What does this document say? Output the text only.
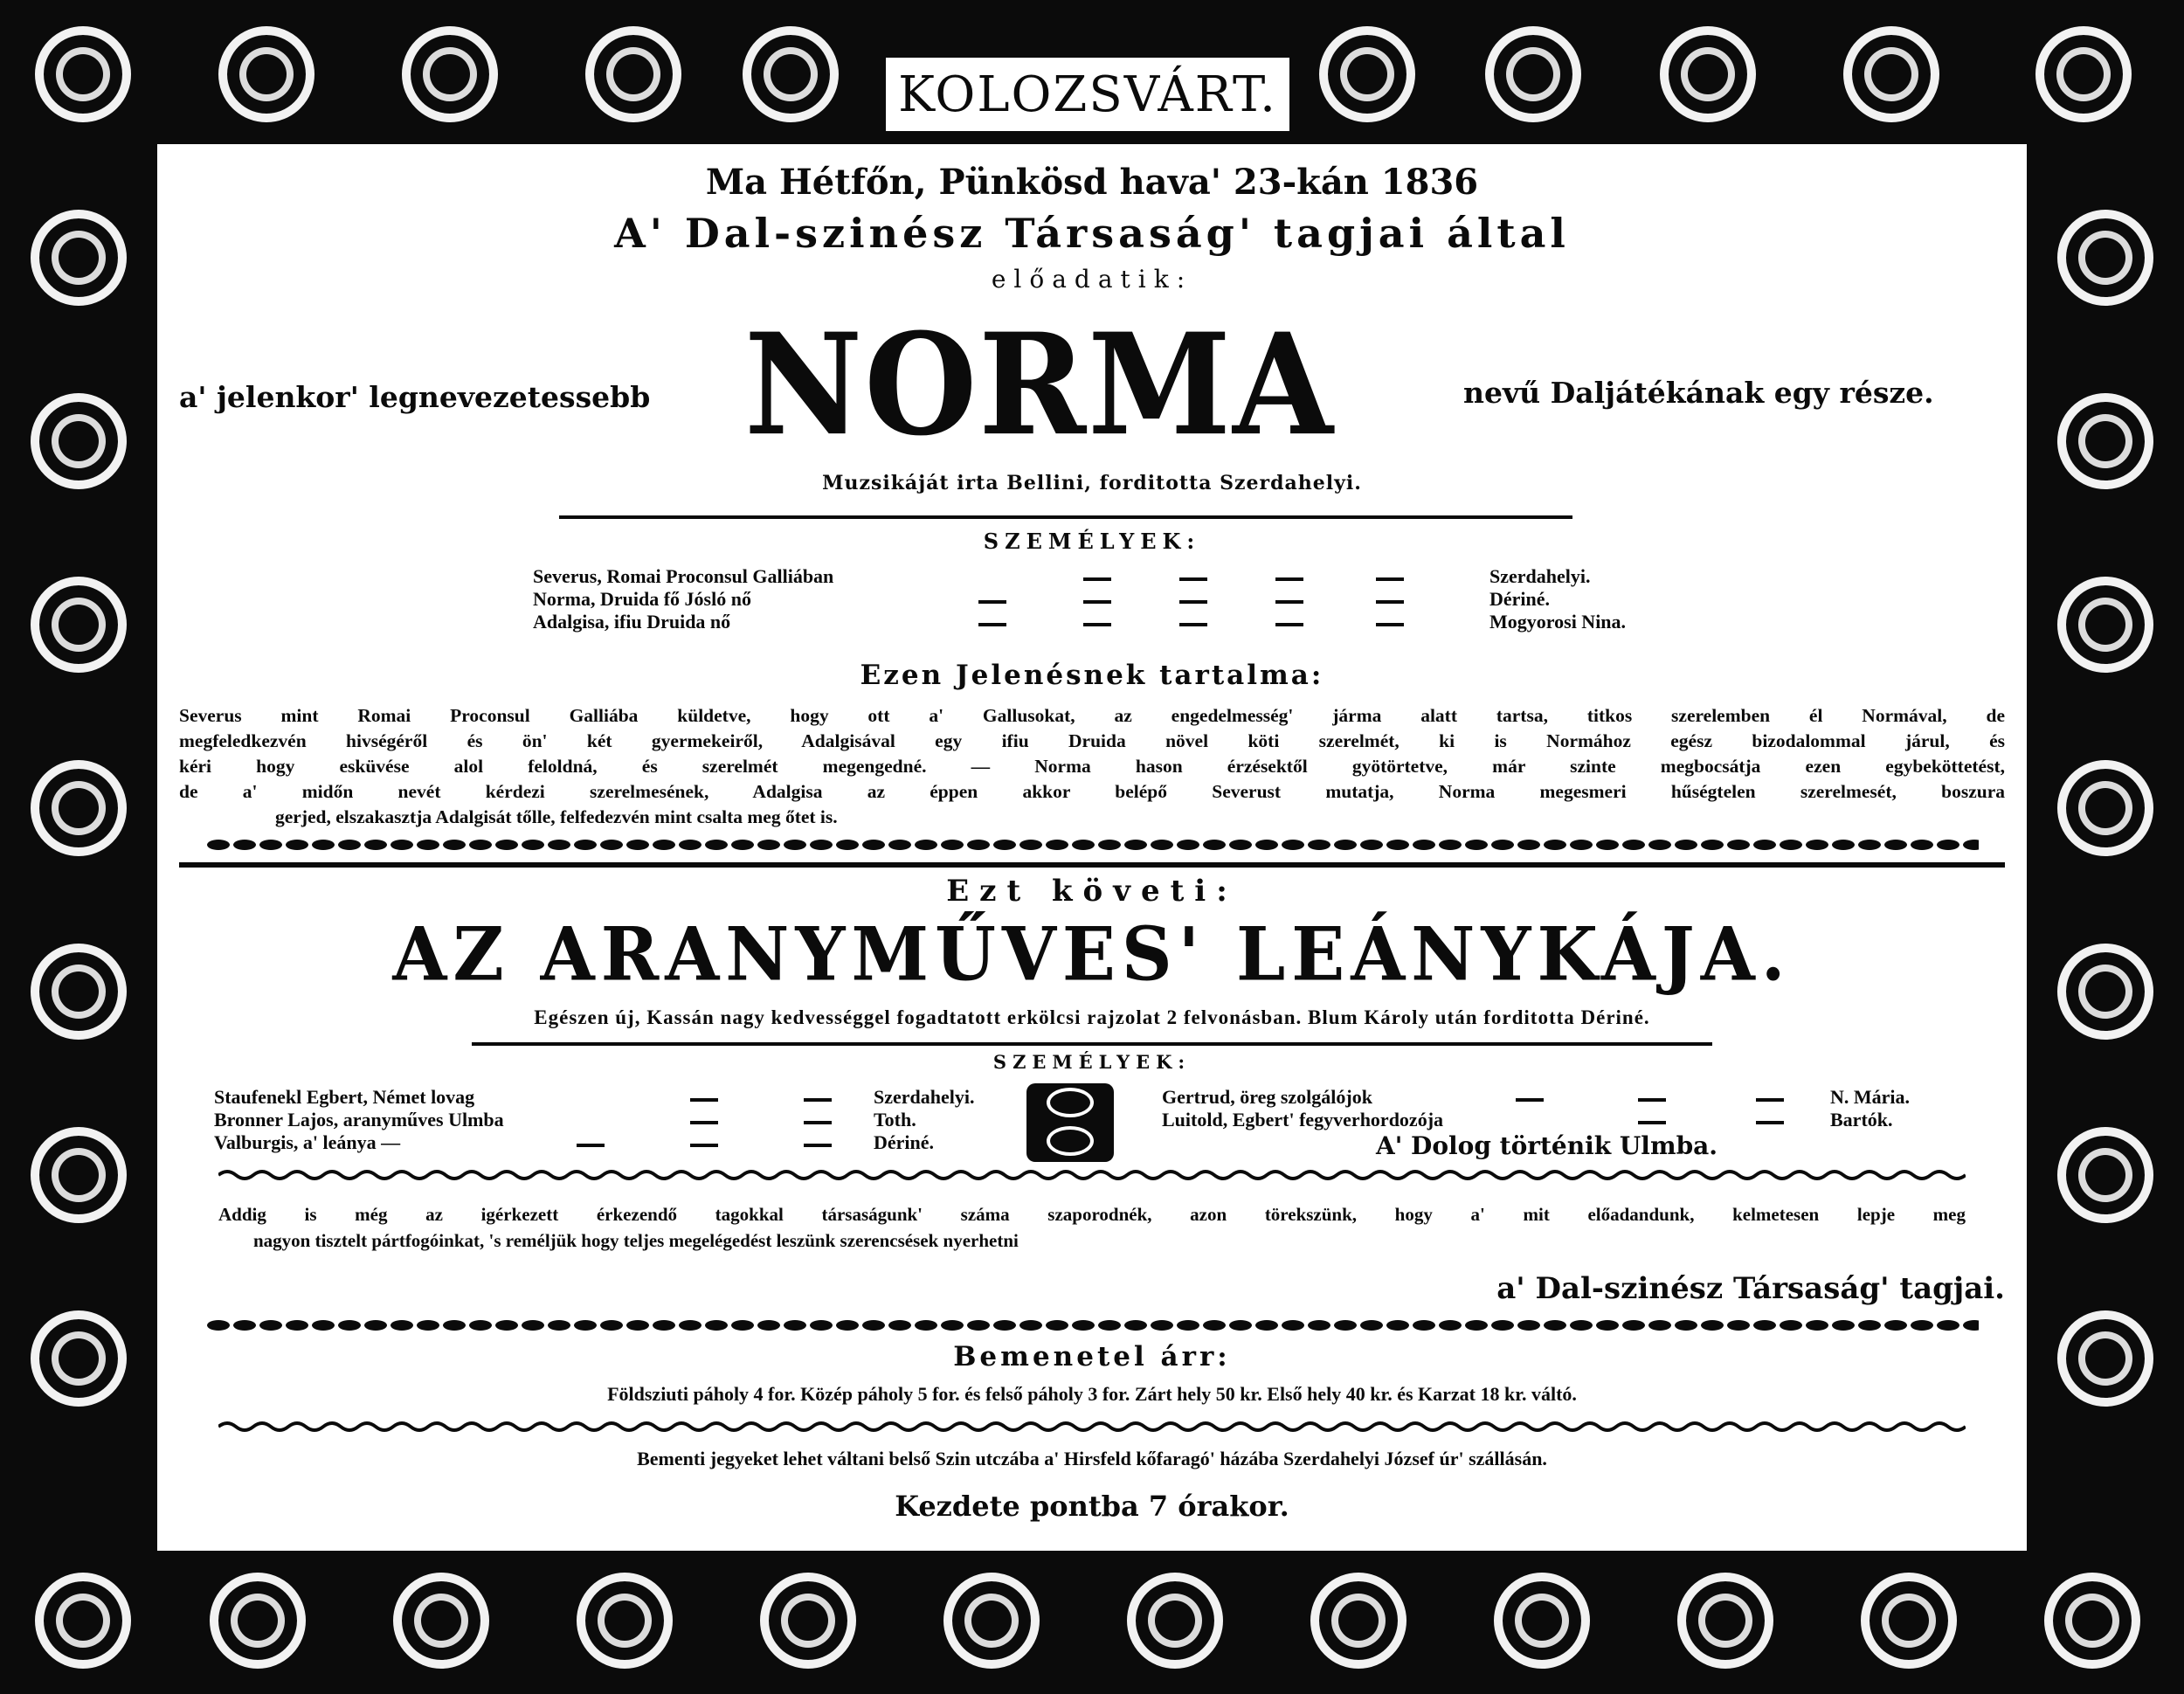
KOLOZSVÁRT.
Ma Hétfőn, Pünkösd hava' 23-kán 1836
A' Dal-szinész Társaság' tagjai által
előadatik:
a' jelenkor' legnevezetessebb NORMA	nevű Daljátékának egy része.
Muzsikáját irta Bellini, forditotta Szerdahelyi.
SZEMÉLYEK:
Severus, Romai Proconsul Galliában
Norma, Druida fő Jósló nő
Adalgisa, ifiu Druida nő
Szerdahelyi.
Dériné.
Mogyorosi Nina.
Ezen Jelenésnek tartalma:
Severus mint Romai Proconsul Galliába küldetve, hogy ott a' Gallusokat, az engedelmesség' járma alatt tartsa, titkos szerelemben él Normával, de
megfeledkezvén hivségéről és ön' két gyermekeiről, Adalgisával egy ifiu Druida növel köti szerelmét, ki is Normához egész bizodalommal járul, és
kéri hogy esküvése alol feloldná, és szerelmét megengedné. — Norma hason érzésektől gyötörtetve, már szinte megbocsátja ezen egybeköttetést,
de a' midőn nevét kérdezi szerelmesének, Adalgisa az éppen akkor belépő Severust mutatja, Norma megesmeri hűségtelen szerelmesét, boszura
gerjed, elszakasztja Adalgisát tőlle, felfedezvén mint csalta meg őtet is.
Ezt követi:
AZ ARANYMŰVES' LEÁNYKÁJA.
Egészen új, Kassán nagy kedvességgel fogadtatott erkölcsi rajzolat 2 felvonásban. Blum Károly után forditotta Dériné.
SZEMÉLYEK:
Staufenekl Egbert, Német lovag
Bronner Lajos, aranyműves Ulmba
Valburgis, a' leánya —
Szerdahelyi.
Toth.
Dériné.
Gertrud, öreg szolgálójok
Luitold, Egbert' fegyverhordozója
N. Mária.
Bartók.
A' Dolog történik Ulmba.
Addig is még az igérkezett érkezendő tagokkal társaságunk' száma szaporodnék, azon törekszünk, hogy a' mit előadandunk, kelmetesen lepje meg
nagyon tisztelt pártfogóinkat, 's reméljük hogy teljes megelégedést leszünk szerencsések nyerhetni
a' Dal-szinész Társaság' tagjai.
Bemenetel árr:
Földsziuti páholy 4 for. Közép páholy 5 for. és felső páholy 3 for. Zárt hely 50 kr. Első hely 40 kr. és Karzat 18 kr. váltó.
Bementi jegyeket lehet váltani belső Szin utczába a' Hirsfeld kőfaragó' házába Szerdahelyi József úr' szállásán.
Kezdete pontba 7 órakor.
